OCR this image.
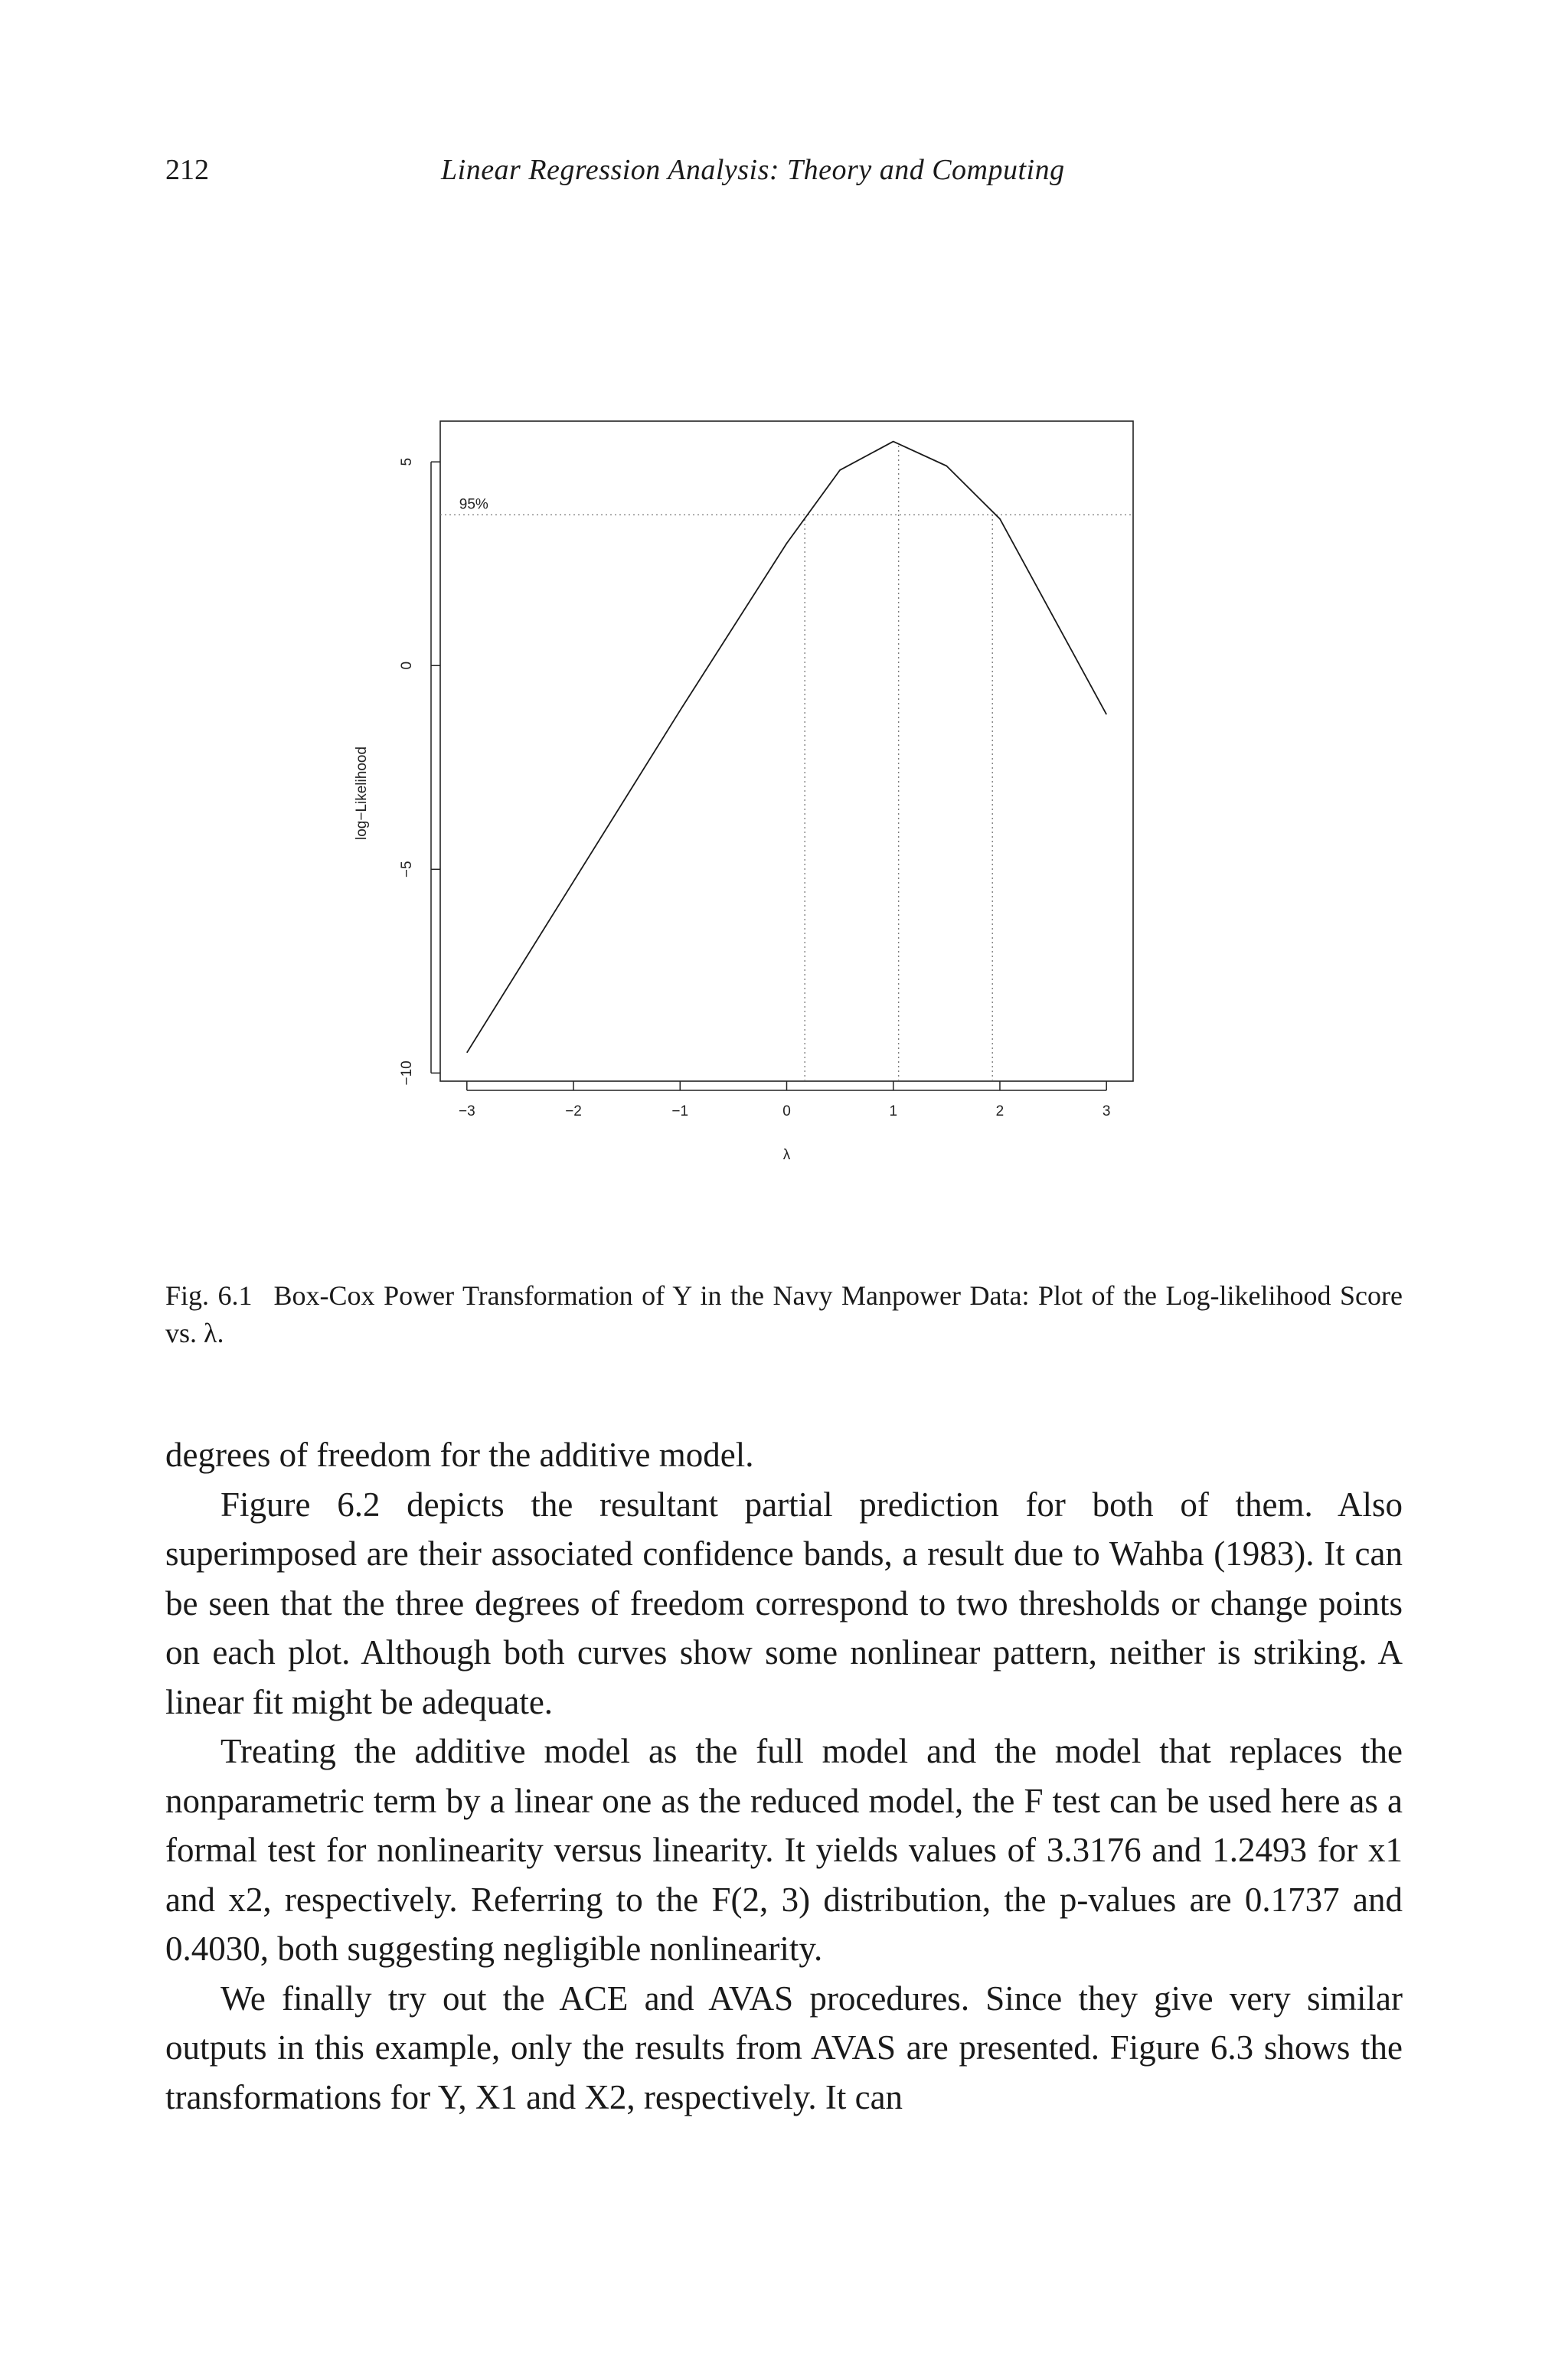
212	Linear Regression Analysis: Theory and Computing
−3	−2	−1	0	1	2	3
−10
−5
0
5
log−Likelihood
λ
95%
Fig. 6.1 Box-Cox Power Transformation of Y in the Navy Manpower Data: Plot of the Log-likelihood Score vs. λ.

degrees of freedom for the additive model.

Figure 6.2 depicts the resultant partial prediction for both of them. Also superimposed are their associated confidence bands, a result due to Wahba (1983). It can be seen that the three degrees of freedom correspond to two thresholds or change points on each plot. Although both curves show some nonlinear pattern, neither is striking. A linear fit might be adequate.

Treating the additive model as the full model and the model that replaces the nonparametric term by a linear one as the reduced model, the F test can be used here as a formal test for nonlinearity versus linearity. It yields values of 3.3176 and 1.2493 for x1 and x2, respectively. Referring to the F(2, 3) distribution, the p-values are 0.1737 and 0.4030, both suggesting negligible nonlinearity.

We finally try out the ACE and AVAS procedures. Since they give very similar outputs in this example, only the results from AVAS are presented. Figure 6.3 shows the transformations for Y, X1 and X2, respectively. It can
